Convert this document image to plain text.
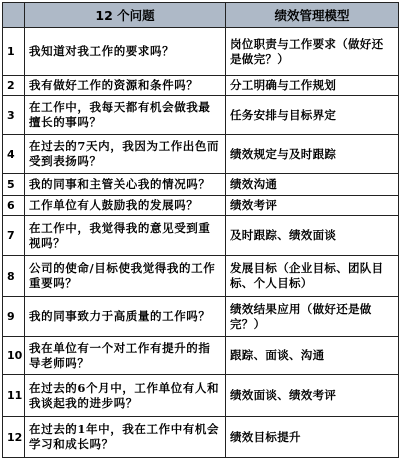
	12 个问题	绩效管理模型
1	我知道对我工作的要求吗？	岗位职责与工作要求（做好还是做完？）
2	我有做好工作的资源和条件吗？	分工明确与工作规划
3	在工作中，我每天都有机会做我最擅长的事吗？	任务安排与目标界定
4	在过去的7天内，我因为工作出色而受到表扬吗？	绩效规定与及时跟踪
5	我的同事和主管关心我的情况吗？	绩效沟通
6	工作单位有人鼓励我的发展吗？	绩效考评
7	在工作中，我觉得我的意见受到重视吗？	及时跟踪、绩效面谈
8	公司的使命/目标使我觉得我的工作重要吗？	发展目标（企业目标、团队目标、个人目标）
9	我的同事致力于高质量的工作吗？	绩效结果应用（做好还是做完？）
10	我在单位有一个对工作有提升的指导老师吗？	跟踪、面谈、沟通
11	在过去的6个月中，工作单位有人和我谈起我的进步吗？	绩效面谈、绩效考评
12	在过去的1年中，我在工作中有机会学习和成长吗？	绩效目标提升
